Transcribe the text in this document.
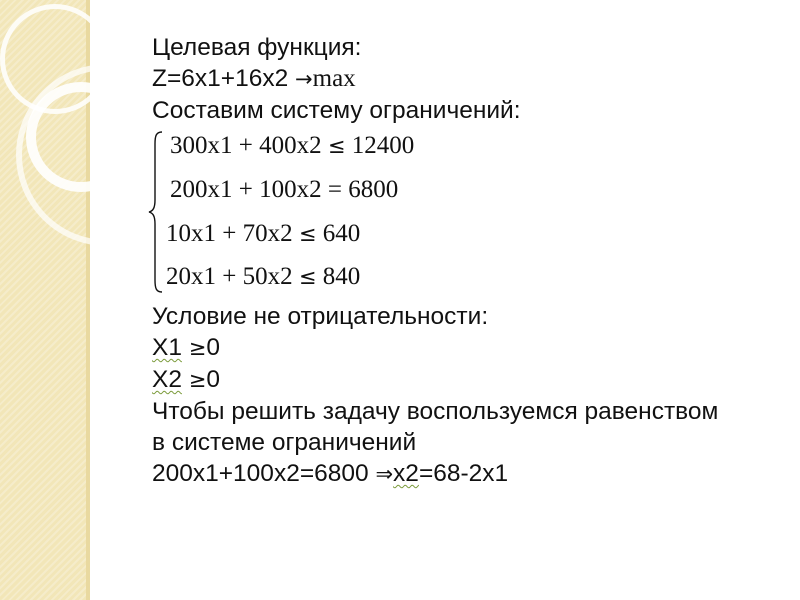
Целевая функция:
Z=6x1+16x2 →max
Составим систему ограничений:
300x1 + 400x2 ≤ 12400
200x1 + 100x2 = 6800
10x1 + 70x2 ≤ 640
20x1 + 50x2 ≤ 840
Условие не отрицательности:
X1 ≥0
X2 ≥0
Чтобы решить задачу воспользуемся равенством
в системе ограничений
200x1+100x2=6800 ⇒x2=68-2x1
